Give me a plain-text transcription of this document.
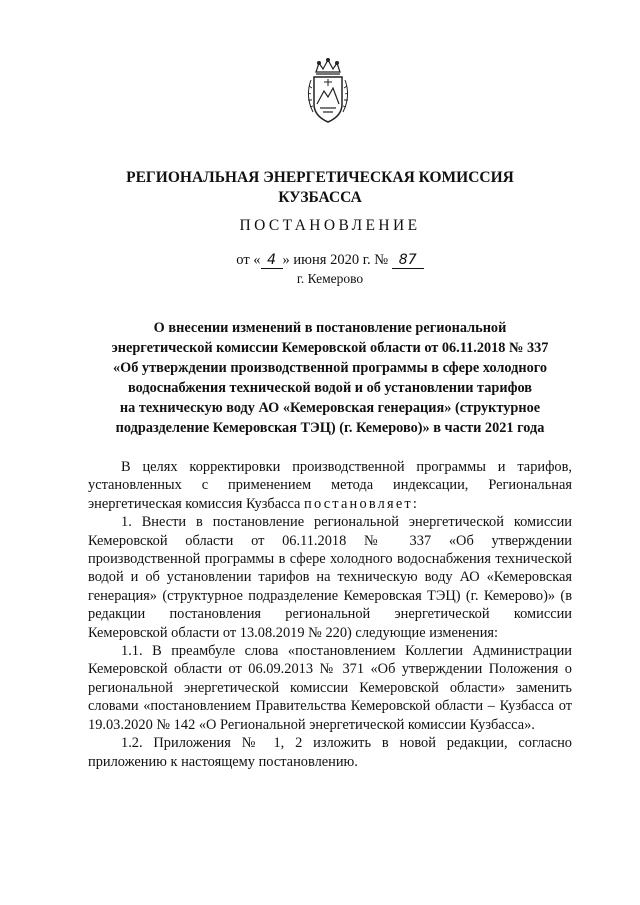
РЕГИОНАЛЬНАЯ ЭНЕРГЕТИЧЕСКАЯ КОМИССИЯ
КУЗБАССА
ПОСТАНОВЛЕНИЕ
от « 4 » июня 2020 г. № 87
г. Кемерово
О внесении изменений в постановление региональной
энергетической комиссии Кемеровской области от 06.11.2018 № 337
«Об утверждении производственной программы в сфере холодного
водоснабжения технической водой и об установлении тарифов
на техническую воду АО «Кемеровская генерация» (структурное
подразделение Кемеровская ТЭЦ) (г. Кемерово)» в части 2021 года

В целях корректировки производственной программы и тарифов, установленных с применением метода индексации, Региональная энергетическая комиссия Кузбасса постановляет:

1. Внести в постановление региональной энергетической комиссии Кемеровской области от 06.11.2018 № 337 «Об утверждении производственной программы в сфере холодного водоснабжения технической водой и об установлении тарифов на техническую воду АО «Кемеровская генерация» (структурное подразделение Кемеровская ТЭЦ) (г. Кемерово)» (в редакции постановления региональной энергетической комиссии Кемеровской области от 13.08.2019 № 220) следующие изменения:

1.1. В преамбуле слова «постановлением Коллегии Администрации Кемеровской области от 06.09.2013 № 371 «Об утверждении Положения о региональной энергетической комиссии Кемеровской области» заменить словами «постановлением Правительства Кемеровской области – Кузбасса от 19.03.2020 № 142 «О Региональной энергетической комиссии Кузбасса».

1.2. Приложения № 1, 2 изложить в новой редакции, согласно приложению к настоящему постановлению.
